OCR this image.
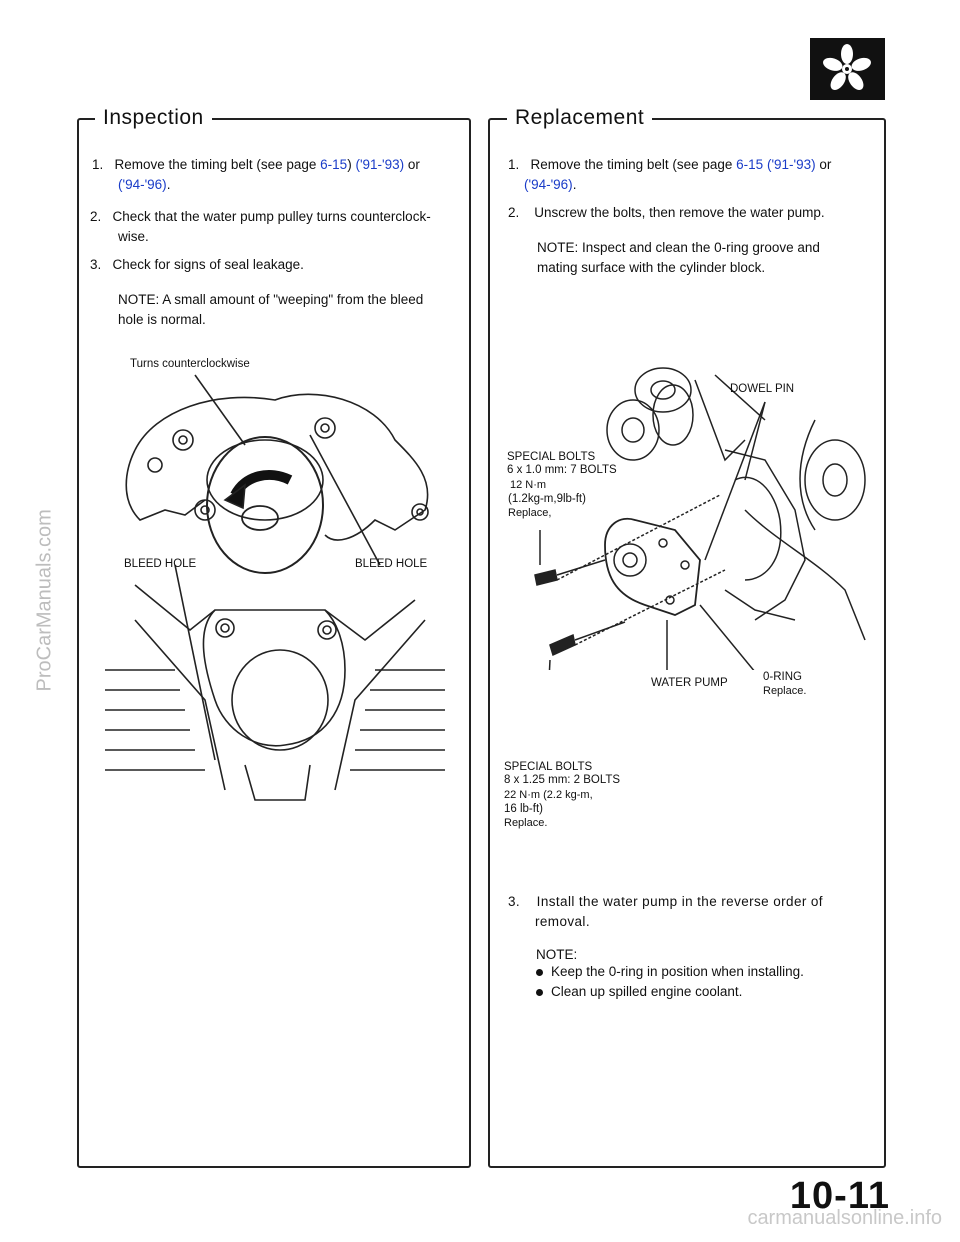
ProCarManuals.com
carmanualsonline.info
Inspection	Replacement
1. Remove the timing belt (see page 6-15) ('91-'93) or
('94-'96).
2. Check that the water pump pulley turns counterclock-
wise.
3. Check for signs of seal leakage.
NOTE: A small amount of "weeping" from the bleed
hole is normal.
Turns counterclockwise
BLEED HOLE	BLEED HOLE
1. Remove the timing belt (see page 6-15 ('91-'93) or
('94-'96).
2. Unscrew the bolts, then remove the water pump.
NOTE: Inspect and clean the 0-ring groove and
mating surface with the cylinder block.
DOWEL PIN
SPECIAL BOLTS
6 x 1.0 mm: 7 BOLTS
12 N·m
(1.2kg-m,9lb-ft)
Replace,
WATER PUMP	0-RING
Replace.
SPECIAL BOLTS
8 x 1.25 mm: 2 BOLTS
22 N·m (2.2 kg-m,
16 lb-ft)
Replace.
3. Install the water pump in the reverse order of
removal.
NOTE:
Keep the 0-ring in position when installing.
Clean up spilled engine coolant.
10-11
